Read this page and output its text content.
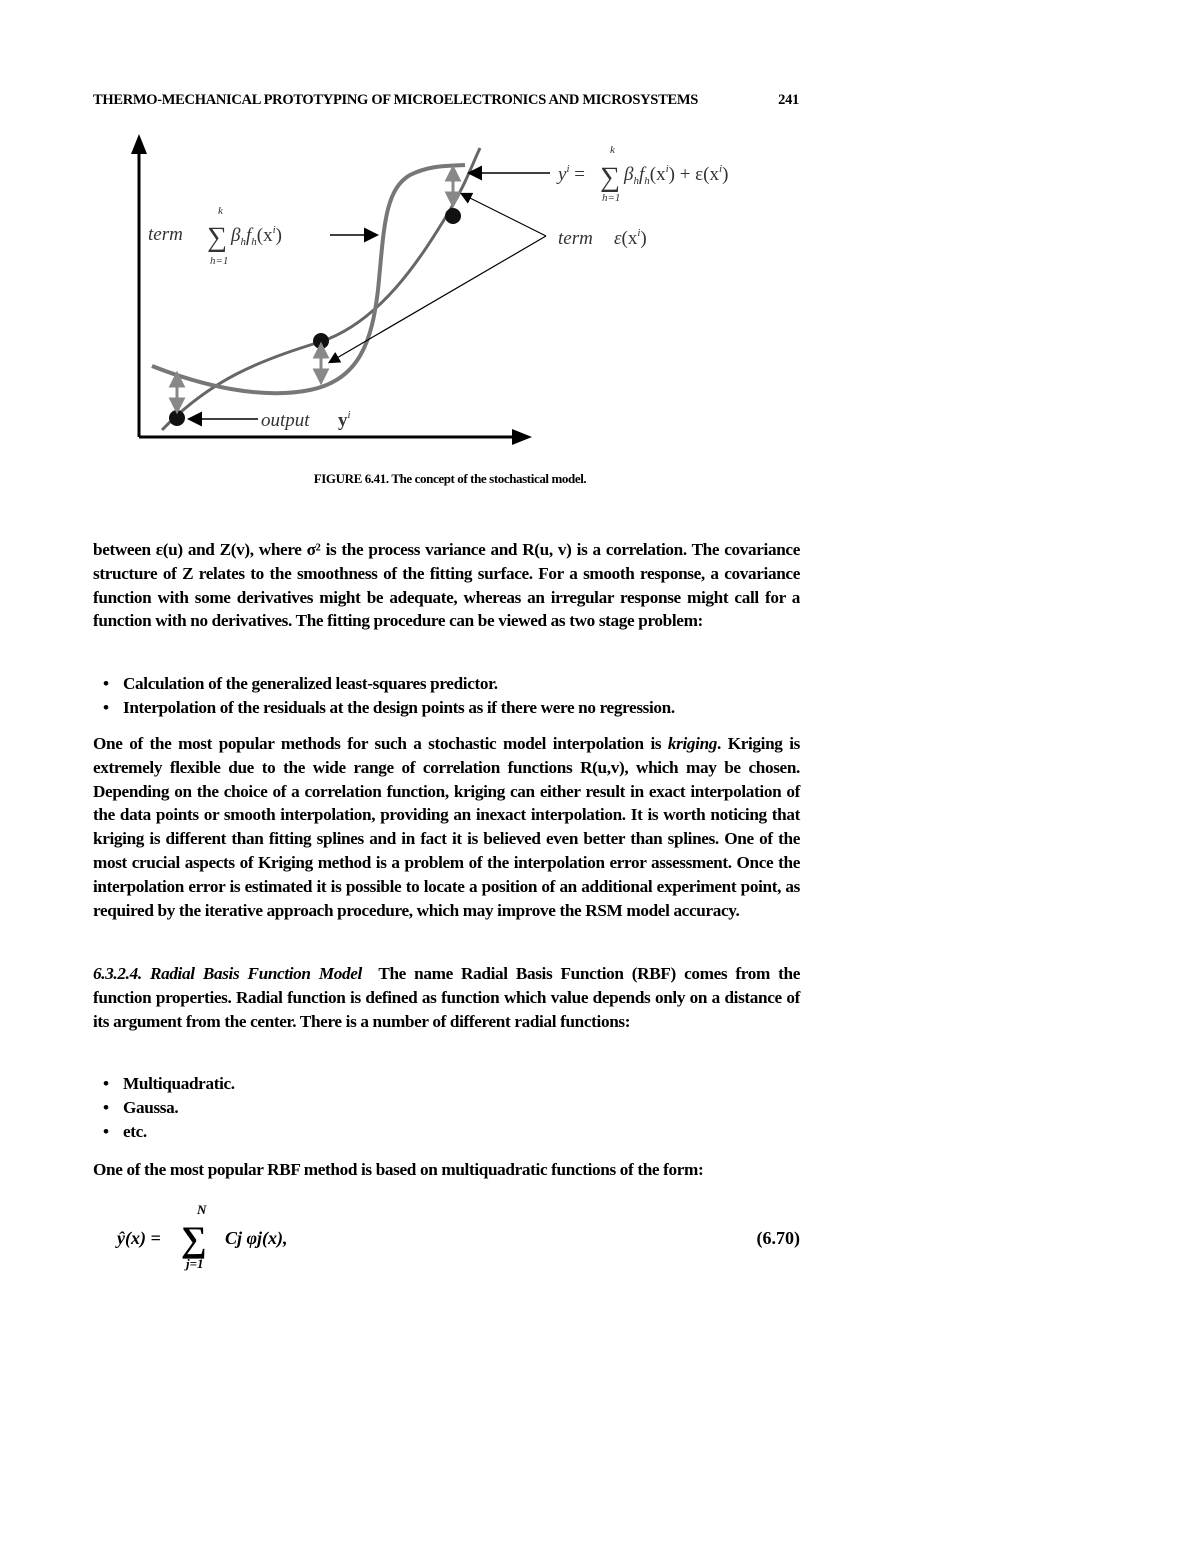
THERMO-MECHANICAL PROTOTYPING OF MICROELECTRONICS AND MICROSYSTEMS	241
term ∑
k
h=1
$\beta_hf_h(x^i)$
$y^i$ = ∑
k
h=1
$\beta_hf_h(x^i) + \varepsilon(x^i)$
term $\varepsilon(x^i)$
output $y^i$
FIGURE 6.41. The concept of the stochastical model.

between ε(u) and Z(v), where σ² is the process variance and R(u, v) is a correlation. The covariance structure of Z relates to the smoothness of the fitting surface. For a smooth response, a covariance function with some derivatives might be adequate, whereas an irregular response might call for a function with no derivatives. The fitting procedure can be viewed as two stage problem:

• Calculation of the generalized least-squares predictor.
• Interpolation of the residuals at the design points as if there were no regression.

One of the most popular methods for such a stochastic model interpolation is kriging. Kriging is extremely flexible due to the wide range of correlation functions R(u,v), which may be chosen. Depending on the choice of a correlation function, kriging can either result in exact interpolation of the data points or smooth interpolation, providing an inexact interpolation. It is worth noticing that kriging is different than fitting splines and in fact it is believed even better than splines. One of the most crucial aspects of Kriging method is a problem of the interpolation error assessment. Once the interpolation error is estimated it is possible to locate a position of an additional experiment point, as required by the iterative approach procedure, which may improve the RSM model accuracy.

6.3.2.4. Radial Basis Function Model The name Radial Basis Function (RBF) comes from the function properties. Radial function is defined as function which value depends only on a distance of its argument from the center. There is a number of different radial functions:

• Multiquadratic.
• Gaussa.
• etc.

One of the most popular RBF method is based on multiquadratic functions of the form:

ŷ(x) =
N
∑
j=1
Cj φj(x),	(6.70)
